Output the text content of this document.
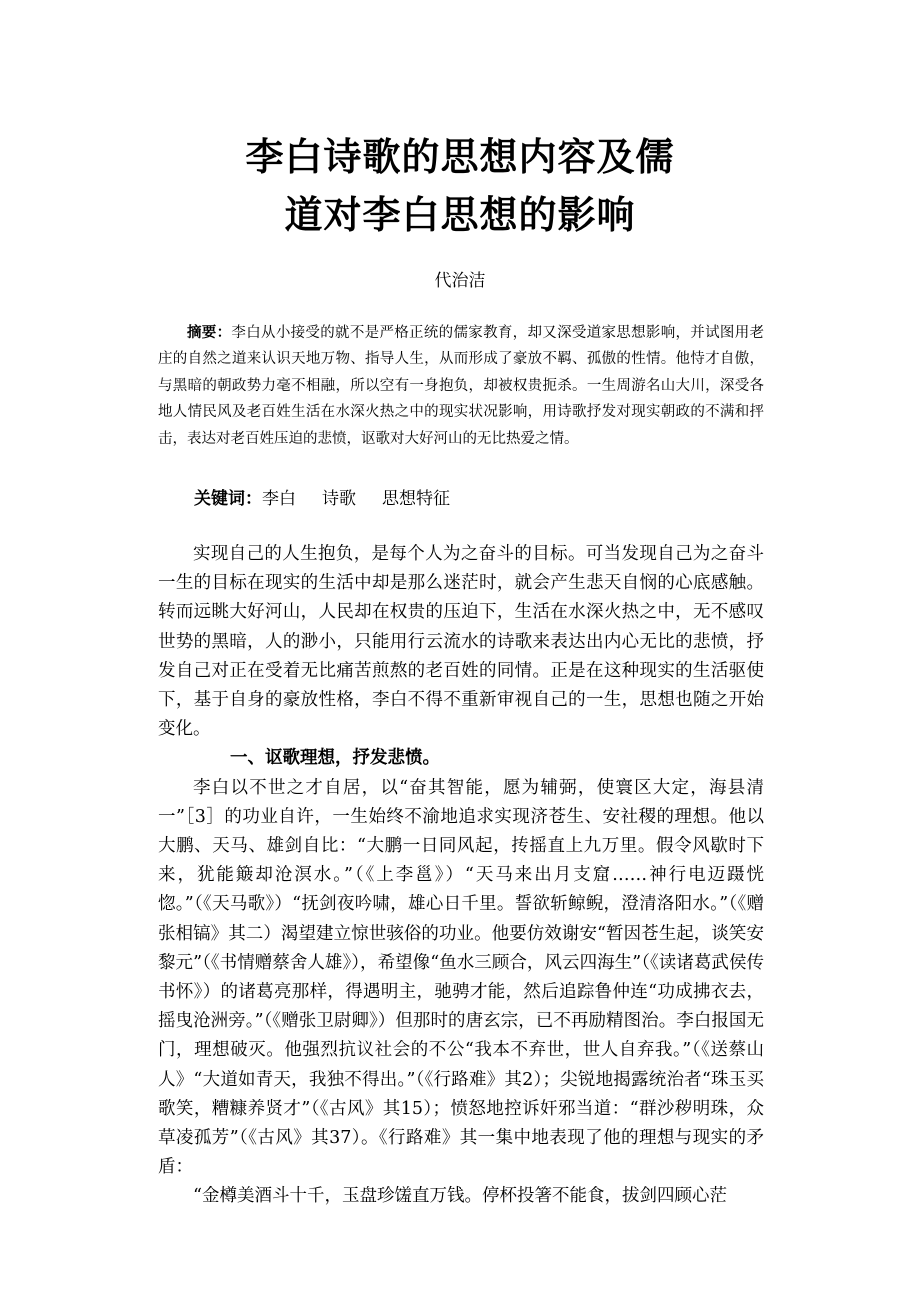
李白诗歌的思想内容及儒
道对李白思想的影响
代治洁
摘要：李白从小接受的就不是严格正统的儒家教育，却又深受道家思想影响，并试图用老庄的自然之道来认识天地万物、指导人生，从而形成了豪放不羁、孤傲的性情。他恃才自傲，与黑暗的朝政势力毫不相融，所以空有一身抱负，却被权贵扼杀。一生周游名山大川，深受各地人情民风及老百姓生活在水深火热之中的现实状况影响，用诗歌抒发对现实朝政的不满和抨击，表达对老百姓压迫的悲愤，讴歌对大好河山的无比热爱之情。
关键词：李白 诗歌 思想特征

实现自己的人生抱负，是每个人为之奋斗的目标。可当发现自己为之奋斗一生的目标在现实的生活中却是那么迷茫时，就会产生悲天自悯的心底感触。转而远眺大好河山，人民却在权贵的压迫下，生活在水深火热之中，无不感叹世势的黑暗，人的渺小，只能用行云流水的诗歌来表达出内心无比的悲愤，抒发自己对正在受着无比痛苦煎熬的老百姓的同情。正是在这种现实的生活驱使下，基于自身的豪放性格，李白不得不重新审视自己的一生，思想也随之开始变化。

一、讴歌理想，抒发悲愤。

李白以不世之才自居，以“奋其智能，愿为辅弼，使寰区大定，海县清一”［3］的功业自许，一生始终不渝地追求实现济苍生、安社稷的理想。他以大鹏、天马、雄剑自比：“大鹏一日同风起，抟摇直上九万里。假令风歇时下来，犹能簸却沧溟水。”（《上李邕》）“天马来出月支窟……神行电迈蹑恍惚。”（《天马歌》）“抚剑夜吟啸，雄心日千里。誓欲斩鲸鲵，澄清洛阳水。”（《赠张相镐》其二）渴望建立惊世骇俗的功业。他要仿效谢安“暂因苍生起，谈笑安黎元”（《书情赠蔡舍人雄》），希望像“鱼水三顾合，风云四海生”（《读诸葛武侯传书怀》）的诸葛亮那样，得遇明主，驰骋才能，然后追踪鲁仲连“功成拂衣去，摇曳沧洲旁。”（《赠张卫尉卿》）但那时的唐玄宗，已不再励精图治。李白报国无门，理想破灭。他强烈抗议社会的不公“我本不弃世，世人自弃我。”（《送蔡山人》“大道如青天，我独不得出。”（《行路难》其2）；尖锐地揭露统治者“珠玉买歌笑，糟糠养贤才”（《古风》其15）；愤怒地控诉奸邪当道：“群沙秽明珠，众草凌孤芳”（《古风》其37）。《行路难》其一集中地表现了他的理想与现实的矛盾：

“金樽美酒斗十千，玉盘珍馐直万钱。停杯投箸不能食，拔剑四顾心茫
